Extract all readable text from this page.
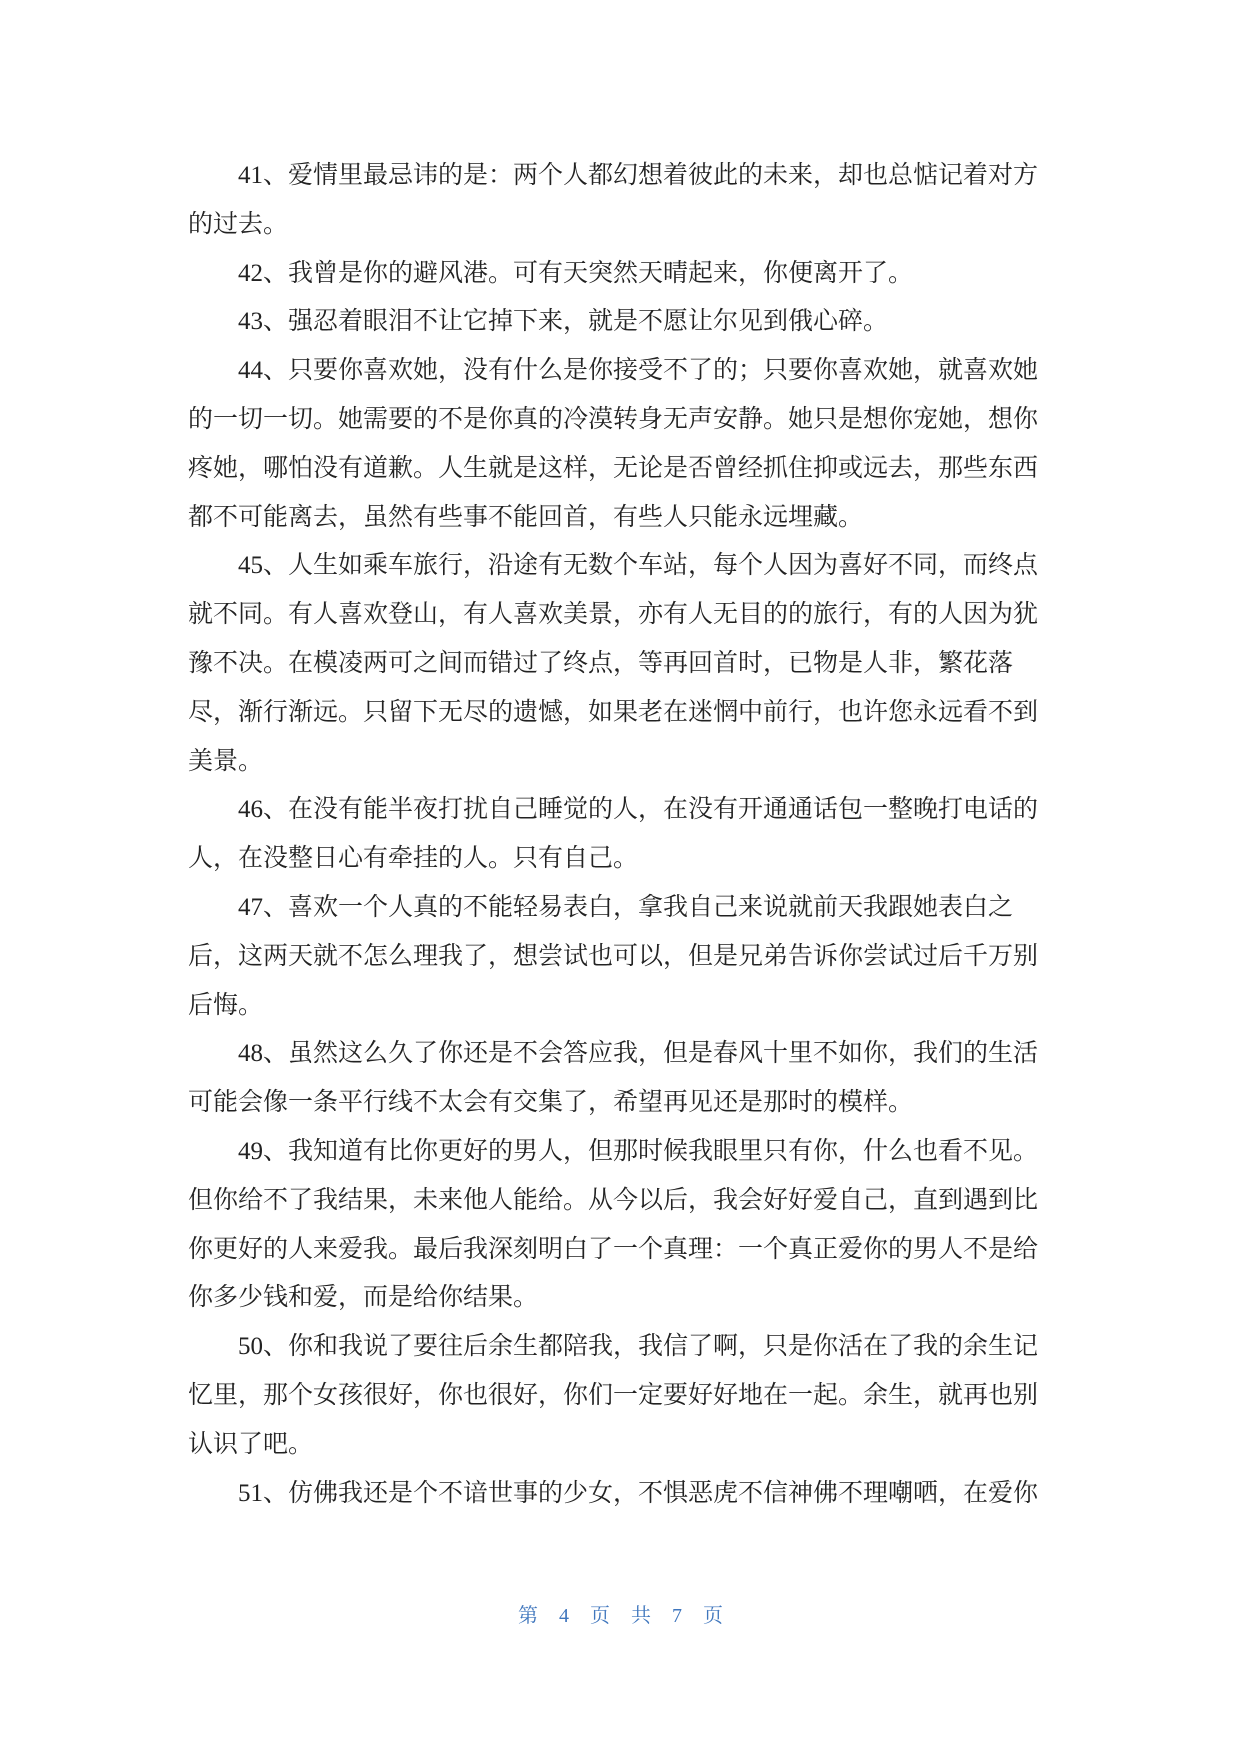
41、爱情里最忌讳的是：两个人都幻想着彼此的未来，却也总惦记着对方
的过去。
42、我曾是你的避风港。可有天突然天晴起来，你便离开了。
43、强忍着眼泪不让它掉下来，就是不愿让尔见到俄心碎。
44、只要你喜欢她，没有什么是你接受不了的；只要你喜欢她，就喜欢她
的一切一切。她需要的不是你真的冷漠转身无声安静。她只是想你宠她，想你
疼她，哪怕没有道歉。人生就是这样，无论是否曾经抓住抑或远去，那些东西
都不可能离去，虽然有些事不能回首，有些人只能永远埋藏。
45、人生如乘车旅行，沿途有无数个车站，每个人因为喜好不同，而终点
就不同。有人喜欢登山，有人喜欢美景，亦有人无目的的旅行，有的人因为犹
豫不决。在模凌两可之间而错过了终点，等再回首时，已物是人非，繁花落
尽，渐行渐远。只留下无尽的遗憾，如果老在迷惘中前行，也许您永远看不到
美景。
46、在没有能半夜打扰自己睡觉的人，在没有开通通话包一整晚打电话的
人，在没整日心有牵挂的人。只有自己。
47、喜欢一个人真的不能轻易表白，拿我自己来说就前天我跟她表白之
后，这两天就不怎么理我了，想尝试也可以，但是兄弟告诉你尝试过后千万别
后悔。
48、虽然这么久了你还是不会答应我，但是春风十里不如你，我们的生活
可能会像一条平行线不太会有交集了，希望再见还是那时的模样。
49、我知道有比你更好的男人，但那时候我眼里只有你，什么也看不见。
但你给不了我结果，未来他人能给。从今以后，我会好好爱自己，直到遇到比
你更好的人来爱我。最后我深刻明白了一个真理：一个真正爱你的男人不是给
你多少钱和爱，而是给你结果。
50、你和我说了要往后余生都陪我，我信了啊，只是你活在了我的余生记
忆里，那个女孩很好，你也很好，你们一定要好好地在一起。余生，就再也别
认识了吧。
51、仿佛我还是个不谙世事的少女，不惧恶虎不信神佛不理嘲哂，在爱你
第 4 页 共 7 页
